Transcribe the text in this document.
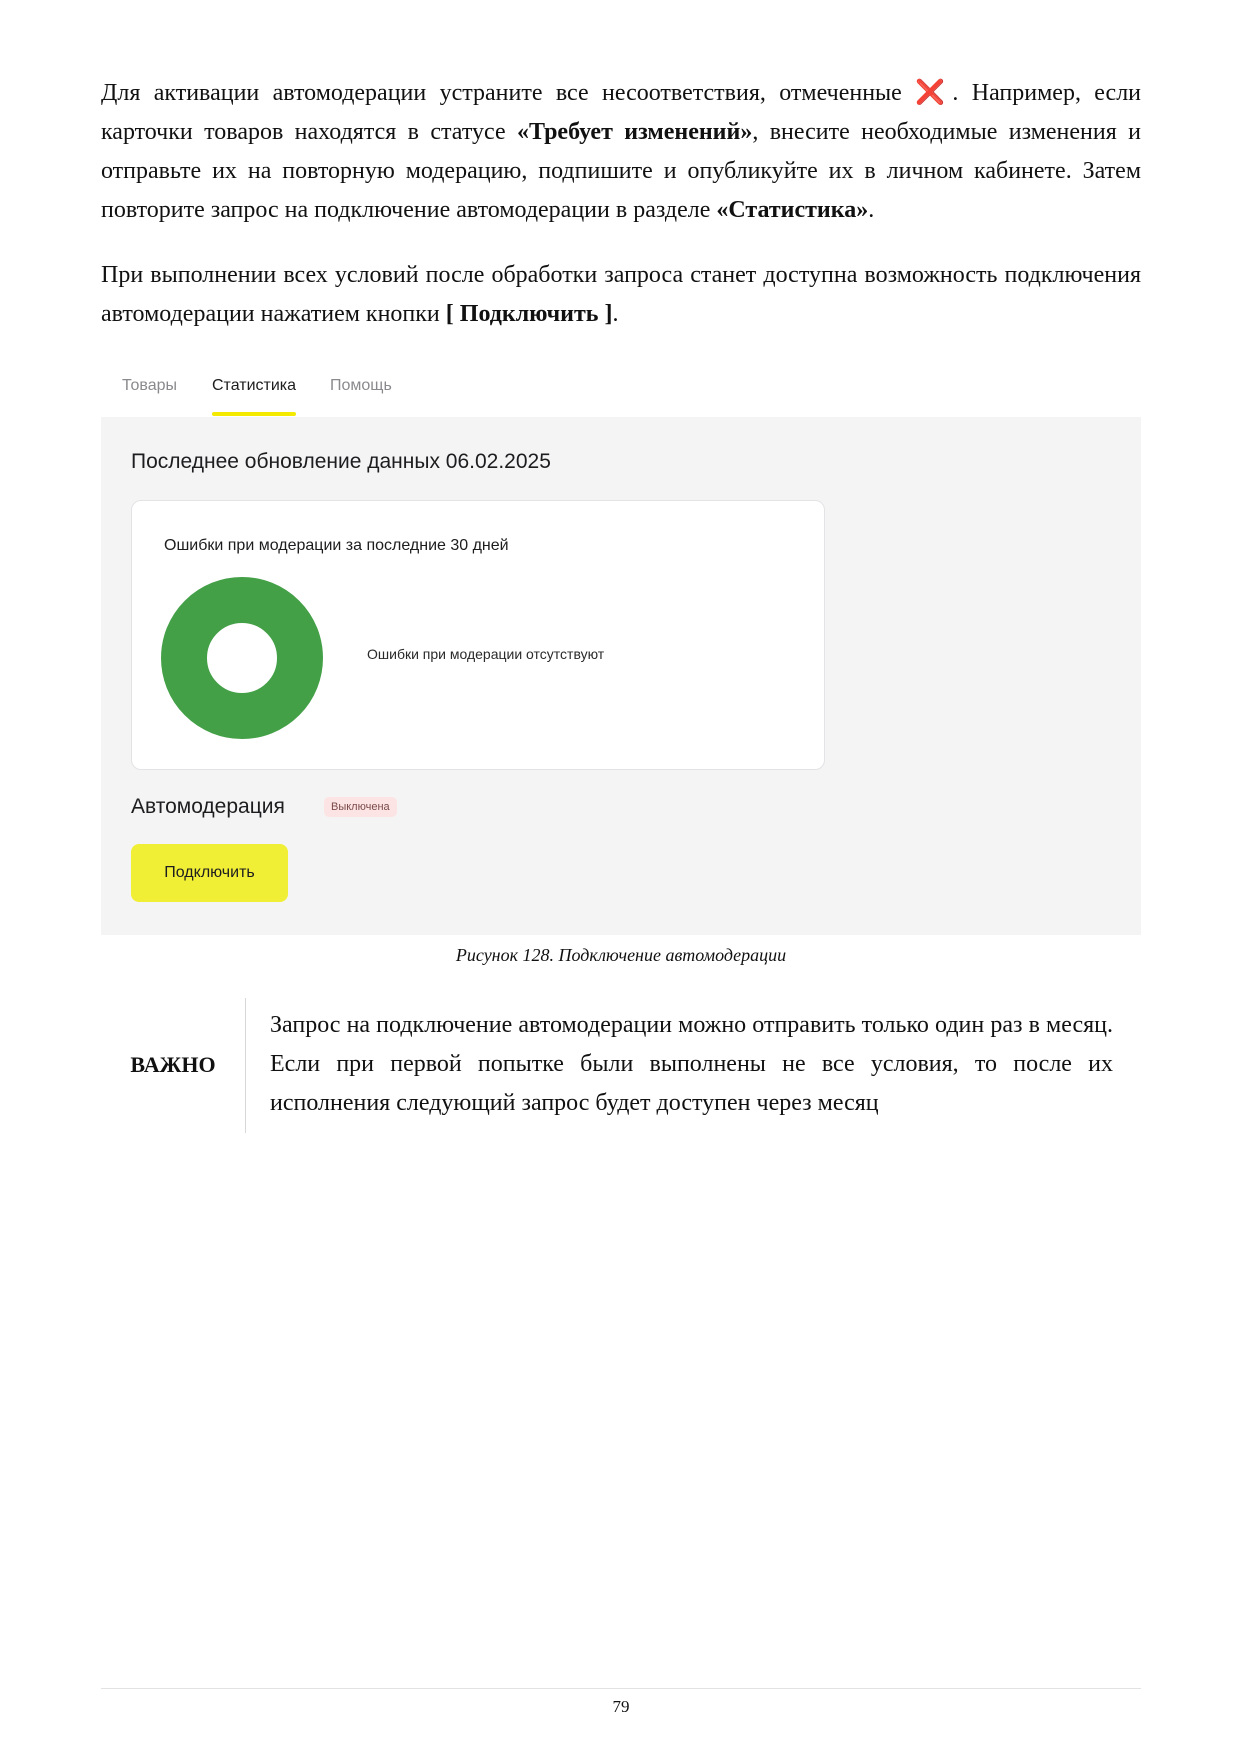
Для активации автомодерации устраните все несоответствия, отмеченные ❌. Например, если карточки товаров находятся в статусе «Требует изменений», внесите необходимые изменения и отправьте их на повторную модерацию, подпишите и опубликуйте их в личном кабинете. Затем повторите запрос на подключение автомодерации в разделе «Статистика».

При выполнении всех условий после обработки запроса станет доступна возможность подключения автомодерации нажатием кнопки [ Подключить ].

Товары Статистика Помощь
Последнее обновление данных 06.02.2025
Ошибки при модерации за последние 30 дней
Ошибки при модерации отсутствуют
Автомодерация	Выключена
Подключить
Рисунок 128. Подключение автомодерации
ВАЖНО

Запрос на подключение автомодерации можно отправить только один раз в месяц. Если при первой попытке были выполнены не все условия, то после их исполнения следующий запрос будет доступен через месяц

79
